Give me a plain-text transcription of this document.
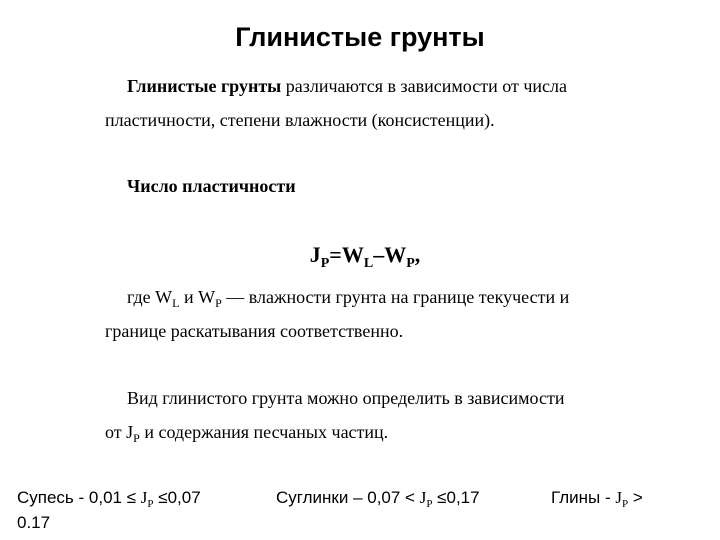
Глинистые грунты
Глинистые грунты различаются в зависимости от числа
пластичности, степени влажности (консистенции).
Число пластичности
$J_P=W_L-W_P$,
где $W_L$ и $W_P$ — влажности грунта на границе текучести и
границе раскатывания соответственно.
Вид глинистого грунта можно определить в зависимости
от $J_P$ и содержания песчаных частиц.
Супесь - $0,01 \le J_P \le 0,07$	Суглинки – $0,07 < J_P \le 0,17$	Глины - $J_P$ >
0.17
